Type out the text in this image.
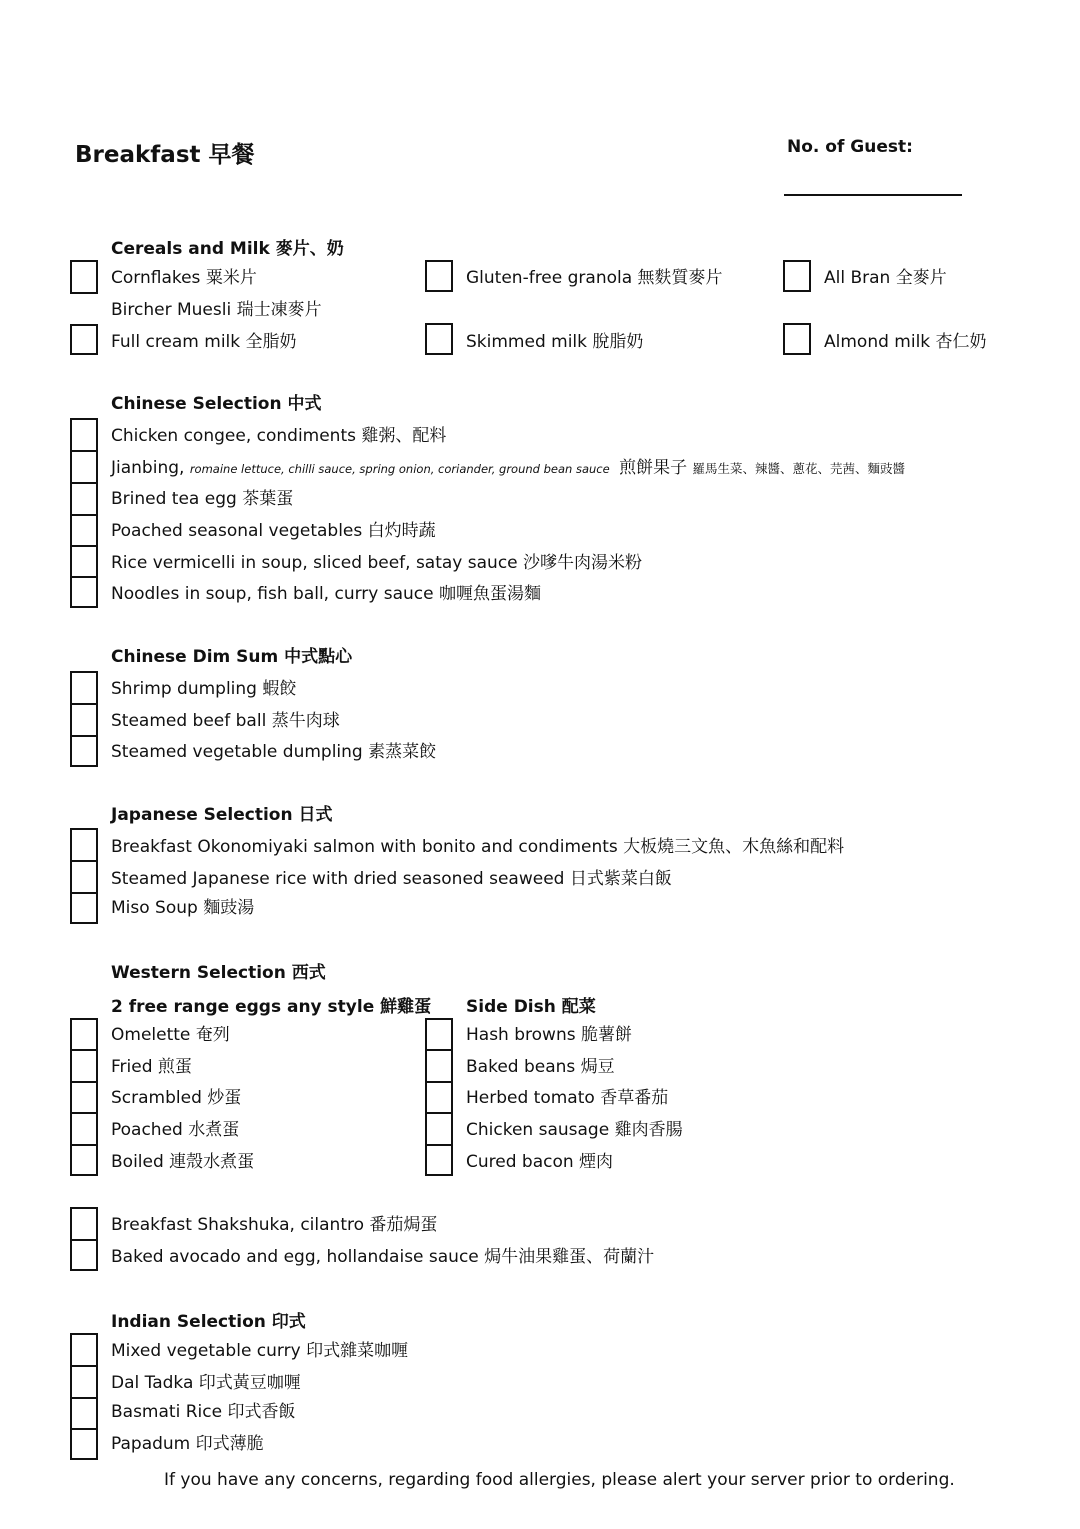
Breakfast 早餐	No. of Guest:
Cereals and Milk 麥片、奶
Cornflakes 粟米片
Bircher Muesli 瑞士凍麥片
Full cream milk 全脂奶
Gluten-free granola 無麩質麥片
Skimmed milk 脫脂奶
All Bran 全麥片
Almond milk 杏仁奶
Chinese Selection 中式
Chicken congee, condiments 雞粥、配料
Jianbing, romaine lettuce, chilli sauce, spring onion, coriander, ground bean sauce 煎餅果子 羅馬生菜、辣醬、蔥花、芫茜、麵豉醬
Brined tea egg 茶葉蛋
Poached seasonal vegetables 白灼時蔬
Rice vermicelli in soup, sliced beef, satay sauce 沙嗲牛肉湯米粉
Noodles in soup, fish ball, curry sauce 咖喱魚蛋湯麵
Chinese Dim Sum 中式點心
Shrimp dumpling 蝦餃
Steamed beef ball 蒸牛肉球
Steamed vegetable dumpling 素蒸菜餃
Japanese Selection 日式
Breakfast Okonomiyaki salmon with bonito and condiments 大板燒三文魚、木魚絲和配料
Steamed Japanese rice with dried seasoned seaweed 日式紫菜白飯
Miso Soup 麵豉湯
Western Selection 西式
2 free range eggs any style 鮮雞蛋 Side Dish 配菜
Omelette 奄列
Fried 煎蛋
Scrambled 炒蛋
Poached 水煮蛋
Boiled 連殼水煮蛋
Hash browns 脆薯餅
Baked beans 焗豆
Herbed tomato 香草番茄
Chicken sausage 雞肉香腸
Cured bacon 煙肉
Breakfast Shakshuka, cilantro 番茄焗蛋
Baked avocado and egg, hollandaise sauce 焗牛油果雞蛋、荷蘭汁
Indian Selection 印式
Mixed vegetable curry 印式雜菜咖喱
Dal Tadka 印式黃豆咖喱
Basmati Rice 印式香飯
Papadum 印式薄脆
If you have any concerns, regarding food allergies, please alert your server prior to ordering.
